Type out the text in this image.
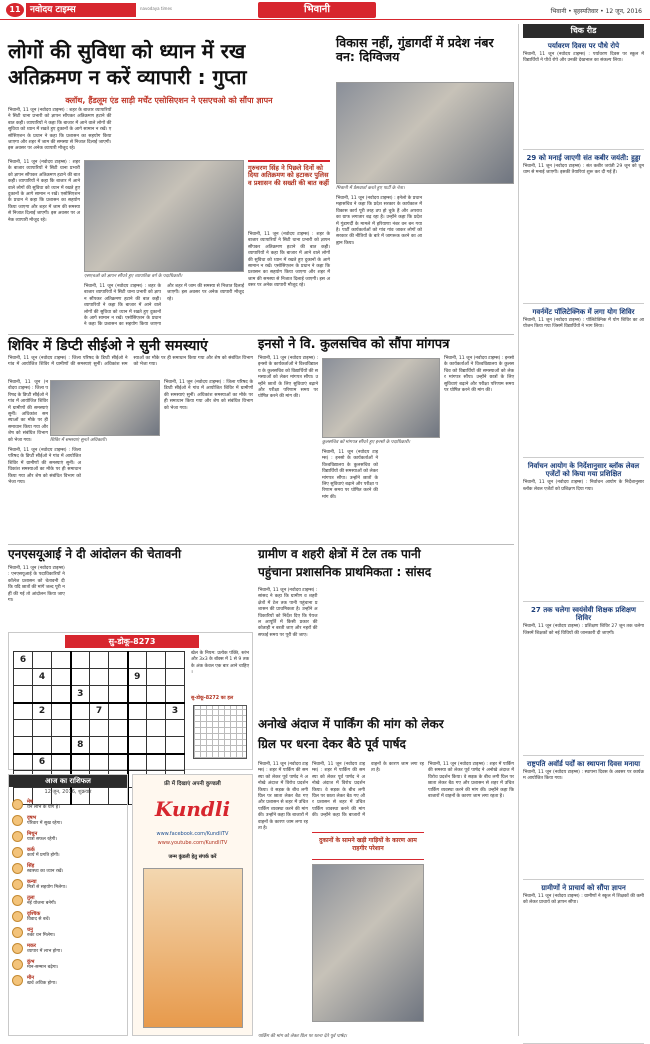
11	नवोदय टाइम्स	navodaya times	भिवानी	भिवानी • बृहस्पतिवार • 12 जून, 2016
लोगों की सुविधा को ध्यान में रख
अतिक्रमण न करें व्यापारी : गुप्ता
क्लॉथ, हैंडलूम एंड साड़ी मर्चेंट एसोसिएशन ने एसएचओ को सौंपा ज्ञापन
भिवानी, 11 जून (नवोदय टाइम्स) : शहर के बाजार व्यापारियों ने सिटी थाना प्रभारी को ज्ञापन सौंपकर अतिक्रमण हटाने की बात कही। व्यापारियों ने कहा कि बाजार में आने वाले लोगों की सुविधा को ध्यान में रखते हुए दुकानों के आगे सामान न रखें। एसोसिएशन के प्रधान ने कहा कि प्रशासन का सहयोग किया जाएगा और शहर में जाम की समस्या से निजात दिलाई जाएगी। इस अवसर पर अनेक व्यापारी मौजूद रहे।
भिवानी, 11 जून (नवोदय टाइम्स) : शहर के बाजार व्यापारियों ने सिटी थाना प्रभारी को ज्ञापन सौंपकर अतिक्रमण हटाने की बात कही। व्यापारियों ने कहा कि बाजार में आने वाले लोगों की सुविधा को ध्यान में रखते हुए दुकानों के आगे सामान न रखें। एसोसिएशन के प्रधान ने कहा कि प्रशासन का सहयोग किया जाएगा और शहर में जाम की समस्या से निजात दिलाई जाएगी। इस अवसर पर अनेक व्यापारी मौजूद रहे।
एसएचओ को ज्ञापन सौंपते हुए व्यापारिक वर्ग के पदाधिकारी।
गुरुचरण सिंह ने पिछले दिनों को दिया अतिक्रमण को हटाकर पुलिस व प्रशासन की सख्ती की बात कहीं
भिवानी, 11 जून (नवोदय टाइम्स) : शहर के बाजार व्यापारियों ने सिटी थाना प्रभारी को ज्ञापन सौंपकर अतिक्रमण हटाने की बात कही। व्यापारियों ने कहा कि बाजार में आने वाले लोगों की सुविधा को ध्यान में रखते हुए दुकानों के आगे सामान न रखें। एसोसिएशन के प्रधान ने कहा कि प्रशासन का सहयोग किया जाएगा और शहर में जाम की समस्या से निजात दिलाई जाएगी। इस अवसर पर अनेक व्यापारी मौजूद रहे।
भिवानी, 11 जून (नवोदय टाइम्स) : शहर के बाजार व्यापारियों ने सिटी थाना प्रभारी को ज्ञापन सौंपकर अतिक्रमण हटाने की बात कही। व्यापारियों ने कहा कि बाजार में आने वाले लोगों की सुविधा को ध्यान में रखते हुए दुकानों के आगे सामान न रखें। एसोसिएशन के प्रधान ने कहा कि प्रशासन का सहयोग किया जाएगा और शहर में जाम की समस्या से निजात दिलाई जाएगी। इस अवसर पर अनेक व्यापारी मौजूद रहे।
विकास नहीं, गुंडागर्दी में प्रदेश नंबर वन: दिग्विजय
भिवानी में प्रेसवार्ता करते हुए पार्टी के नेता।
भिवानी, 11 जून (नवोदय टाइम्स) : इनेलो के प्रधान महासचिव ने कहा कि प्रदेश सरकार के कार्यकाल में विकास कार्य पूरी तरह ठप हो चुके हैं और अपराध का ग्राफ लगातार बढ़ रहा है। उन्होंने कहा कि प्रदेश में गुंडागर्दी के मामले में हरियाणा नंबर वन बन गया है। पार्टी कार्यकर्ताओं को गांव गांव जाकर लोगों को सरकार की नीतियों के बारे में जागरूक करने का आह्वान किया।
शिविर में डिप्टी सीईओ ने सुनी समस्याएं
भिवानी, 11 जून (नवोदय टाइम्स) : जिला परिषद के डिप्टी सीईओ ने गांव में आयोजित शिविर में ग्रामीणों की समस्याएं सुनीं। अधिकांश समस्याओं का मौके पर ही समाधान किया गया और शेष को संबंधित विभाग को भेजा गया।
भिवानी, 11 जून (नवोदय टाइम्स) : जिला परिषद के डिप्टी सीईओ ने गांव में आयोजित शिविर में ग्रामीणों की समस्याएं सुनीं। अधिकांश समस्याओं का मौके पर ही समाधान किया गया और शेष को संबंधित विभाग को भेजा गया।	शिविर में समस्याएं सुनते अधिकारी।
भिवानी, 11 जून (नवोदय टाइम्स) : जिला परिषद के डिप्टी सीईओ ने गांव में आयोजित शिविर में ग्रामीणों की समस्याएं सुनीं। अधिकांश समस्याओं का मौके पर ही समाधान किया गया और शेष को संबंधित विभाग को भेजा गया।
भिवानी, 11 जून (नवोदय टाइम्स) : जिला परिषद के डिप्टी सीईओ ने गांव में आयोजित शिविर में ग्रामीणों की समस्याएं सुनीं। अधिकांश समस्याओं का मौके पर ही समाधान किया गया और शेष को संबंधित विभाग को भेजा गया।
इनसो ने वि. कुलसचिव को सौंपा मांगपत्र
भिवानी, 11 जून (नवोदय टाइम्स) : इनसो के कार्यकर्ताओं ने विश्वविद्यालय के कुलसचिव को विद्यार्थियों की समस्याओं को लेकर मांगपत्र सौंपा। उन्होंने छात्रों के लिए सुविधाएं बढ़ाने और परीक्षा परिणाम समय पर घोषित करने की मांग की।
कुलसचिव को मांगपत्र सौंपते हुए इनसो के पदाधिकारी।
भिवानी, 11 जून (नवोदय टाइम्स) : इनसो के कार्यकर्ताओं ने विश्वविद्यालय के कुलसचिव को विद्यार्थियों की समस्याओं को लेकर मांगपत्र सौंपा। उन्होंने छात्रों के लिए सुविधाएं बढ़ाने और परीक्षा परिणाम समय पर घोषित करने की मांग की।
भिवानी, 11 जून (नवोदय टाइम्स) : इनसो के कार्यकर्ताओं ने विश्वविद्यालय के कुलसचिव को विद्यार्थियों की समस्याओं को लेकर मांगपत्र सौंपा। उन्होंने छात्रों के लिए सुविधाएं बढ़ाने और परीक्षा परिणाम समय पर घोषित करने की मांग की।
एनएसयूआई ने दी आंदोलन की चेतावनी
भिवानी, 11 जून (नवोदय टाइम्स) : एनएसयूआई के पदाधिकारियों ने कॉलेज प्रशासन को चेतावनी दी कि यदि छात्रों की मांगें जल्द पूरी नहीं की गई तो आंदोलन किया जाएगा।
ग्रामीण व शहरी क्षेत्रों में टेल तक पानी
पहुंचाना प्रशासनिक प्राथमिकता : सांसद
भिवानी, 11 जून (नवोदय टाइम्स) : सांसद ने कहा कि ग्रामीण व शहरी क्षेत्रों में टेल तक पानी पहुंचाना प्रशासन की प्राथमिकता है। उन्होंने अधिकारियों को निर्देश दिए कि पेयजल आपूर्ति में किसी प्रकार की कोताही न बरती जाए और नहरों की सफाई समय पर पूरी की जाए।
सु-डोकू-8273
6								
	4					9		
			3					
	2			7				3

			8					
	6							

खेल के नियम: प्रत्येक पंक्ति, स्तंभ और 3x3 के बॉक्स में 1 से 9 तक के अंक केवल एक बार आने चाहिए।
सु-डोकू-8272 का हल
आज का राशिफल
12 जून, 2016, शुक्रवार
मेष
धन लाभ के योग हैं।
वृषभ
परिवार में सुख रहेगा।
मिथुन
यात्रा सफल रहेगी।
कर्क
कार्य में प्रगति होगी।
सिंह
स्वास्थ्य का ध्यान रखें।
कन्या
मित्रों से सहयोग मिलेगा।
तुला
नई योजना बनेगी।
वृश्चिक
विवाद से बचें।
धनु
रुका धन मिलेगा।
मकर
व्यापार में लाभ होगा।
कुंभ
मान-सम्मान बढ़ेगा।
मीन
खर्च अधिक होगा।
फ्री में दिखाएं अपनी कुण्डली
Kundli
www.facebook.com/KundliTV
www.youtube.com/KundliTV
जन्म कुंडली हेतु संपर्क करें
अनोखे अंदाज में पार्किंग की मांग को लेकर
ग्रिल पर धरना देकर बैठे पूर्व पार्षद
भिवानी, 11 जून (नवोदय टाइम्स) : शहर में पार्किंग की समस्या को लेकर पूर्व पार्षद ने अनोखे अंदाज में विरोध प्रदर्शन किया। वे सड़क के बीच लगी ग्रिल पर छाता लेकर बैठ गए और प्रशासन से शहर में उचित पार्किंग व्यवस्था करने की मांग की। उन्होंने कहा कि बाजारों में वाहनों के कारण जाम लगा रहता है।
भिवानी, 11 जून (नवोदय टाइम्स) : शहर में पार्किंग की समस्या को लेकर पूर्व पार्षद ने अनोखे अंदाज में विरोध प्रदर्शन किया। वे सड़क के बीच लगी ग्रिल पर छाता लेकर बैठ गए और प्रशासन से शहर में उचित पार्किंग व्यवस्था करने की मांग की। उन्होंने कहा कि बाजारों में वाहनों के कारण जाम लगा रहता है।
दुकानों के सामने खड़ी गाड़ियों के कारण आम राहगीर परेशान
पार्किंग की मांग को लेकर ग्रिल पर धरना देते पूर्व पार्षद।
भिवानी, 11 जून (नवोदय टाइम्स) : शहर में पार्किंग की समस्या को लेकर पूर्व पार्षद ने अनोखे अंदाज में विरोध प्रदर्शन किया। वे सड़क के बीच लगी ग्रिल पर छाता लेकर बैठ गए और प्रशासन से शहर में उचित पार्किंग व्यवस्था करने की मांग की। उन्होंने कहा कि बाजारों में वाहनों के कारण जाम लगा रहता है।
चिक रीड
पर्यावरण दिवस पर पौधे रोपे
भिवानी, 11 जून (नवोदय टाइम्स) : पर्यावरण दिवस पर स्कूल में विद्यार्थियों ने पौधे रोपे और उनकी देखभाल का संकल्प लिया।
29 को मनाई जाएगी संत कबीर जयंती: हुड्डा
भिवानी, 11 जून (नवोदय टाइम्स) : संत कबीर जयंती 29 जून को धूमधाम से मनाई जाएगी। इसकी तैयारियां शुरू कर दी गई हैं।
गवर्नमेंट पॉलिटेक्निक में लगा योग शिविर
भिवानी, 11 जून (नवोदय टाइम्स) : पॉलिटेक्निक में योग शिविर का आयोजन किया गया जिसमें विद्यार्थियों ने भाग लिया।
निर्वाचन आयोग के निर्देशानुसार ब्लॉक लेवल एजेंटों को किया गया प्रशिक्षित
भिवानी, 11 जून (नवोदय टाइम्स) : निर्वाचन आयोग के निर्देशानुसार ब्लॉक लेवल एजेंटों को प्रशिक्षण दिया गया।
27 तक चलेगा स्वयंसेवी शिक्षक प्रशिक्षण शिविर
भिवानी, 11 जून (नवोदय टाइम्स) : प्रशिक्षण शिविर 27 जून तक चलेगा जिसमें शिक्षकों को नई विधियों की जानकारी दी जाएगी।
राष्ट्रपति अवॉर्ड पर्दों का स्थापना दिवस मनाया
भिवानी, 11 जून (नवोदय टाइम्स) : स्थापना दिवस के अवसर पर कार्यक्रम आयोजित किया गया।
ग्रामीणों ने प्राचार्य को सौंपा ज्ञापन
भिवानी, 11 जून (नवोदय टाइम्स) : ग्रामीणों ने स्कूल में शिक्षकों की कमी को लेकर प्राचार्य को ज्ञापन सौंपा।
